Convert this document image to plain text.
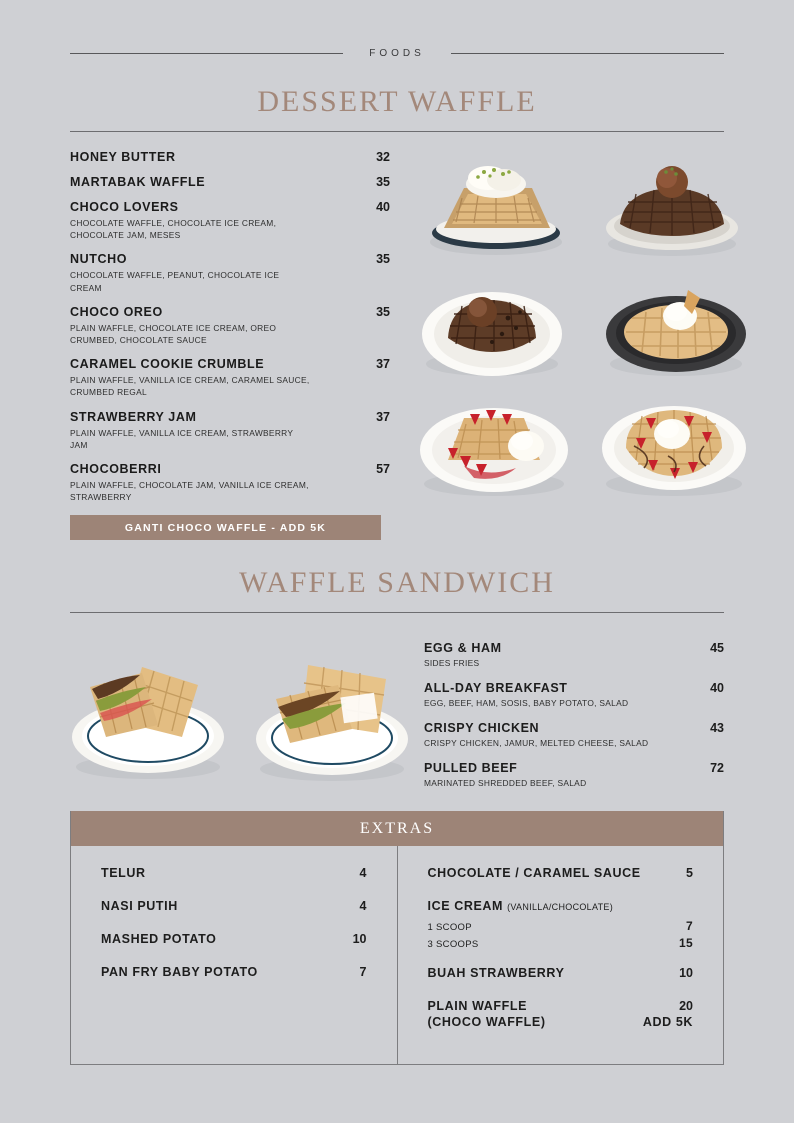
FOODS
DESSERT WAFFLE
HONEY BUTTER	32
MARTABAK WAFFLE	35
CHOCO LOVERS	40
CHOCOLATE WAFFLE, CHOCOLATE ICE CREAM, CHOCOLATE JAM, MESES
NUTCHO	35
CHOCOLATE WAFFLE, PEANUT, CHOCOLATE ICE CREAM
CHOCO OREO	35
PLAIN WAFFLE, CHOCOLATE ICE CREAM, OREO CRUMBED, CHOCOLATE SAUCE
CARAMEL COOKIE CRUMBLE	37
PLAIN WAFFLE, VANILLA ICE CREAM, CARAMEL SAUCE, CRUMBED REGAL
STRAWBERRY JAM	37
PLAIN WAFFLE, VANILLA ICE CREAM, STRAWBERRY JAM
CHOCOBERRI	57
PLAIN WAFFLE, CHOCOLATE JAM, VANILLA ICE CREAM, STRAWBERRY
GANTI CHOCO WAFFLE - ADD 5K
WAFFLE SANDWICH
EGG & HAM	45
SIDES FRIES
ALL-DAY BREAKFAST	40
EGG, BEEF, HAM, SOSIS, BABY POTATO, SALAD
CRISPY CHICKEN	43
CRISPY CHICKEN, JAMUR, MELTED CHEESE, SALAD
PULLED BEEF	72
MARINATED SHREDDED BEEF, SALAD
EXTRAS
TELUR	4
NASI PUTIH	4
MASHED POTATO	10
PAN FRY BABY POTATO	7
CHOCOLATE / CARAMEL SAUCE	5
ICE CREAM (VANILLA/CHOCOLATE)
1 SCOOP	7
3 SCOOPS	15
BUAH STRAWBERRY	10
PLAIN WAFFLE	20
(CHOCO WAFFLE)	ADD 5K
